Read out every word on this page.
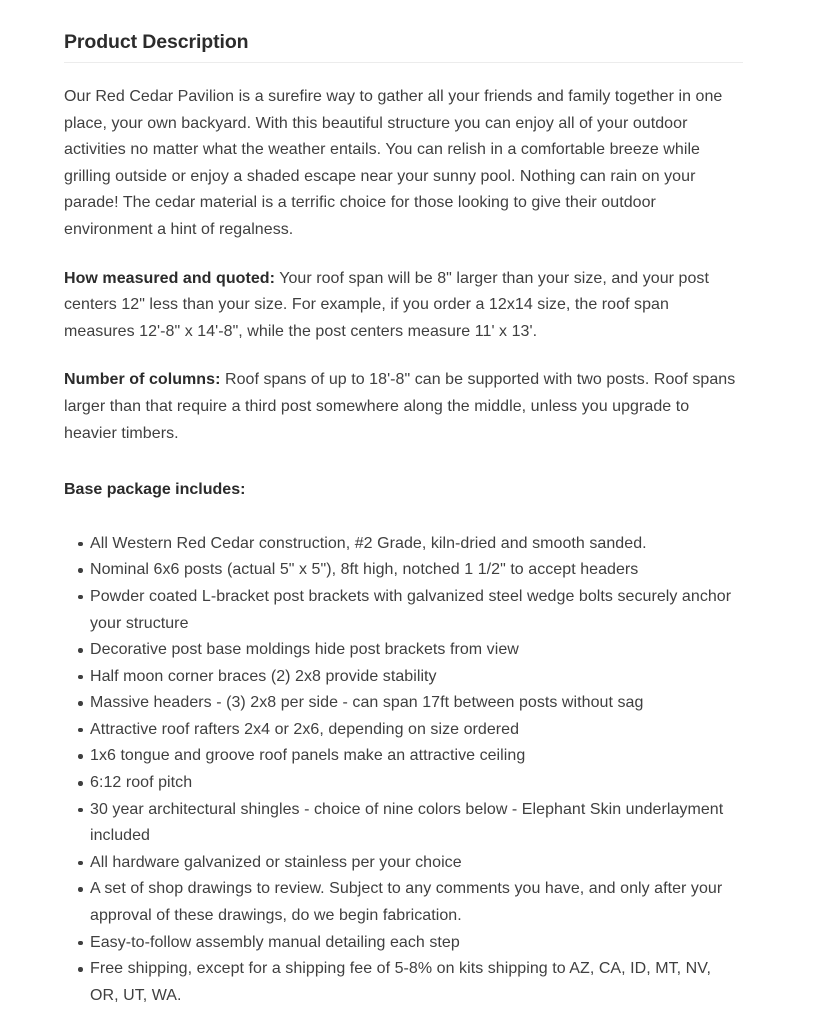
Product Description

Our Red Cedar Pavilion is a surefire way to gather all your friends and family together in one place, your own backyard. With this beautiful structure you can enjoy all of your outdoor activities no matter what the weather entails. You can relish in a comfortable breeze while grilling outside or enjoy a shaded escape near your sunny pool. Nothing can rain on your parade! The cedar material is a terrific choice for those looking to give their outdoor environment a hint of regalness.

How measured and quoted: Your roof span will be 8" larger than your size, and your post centers 12" less than your size. For example, if you order a 12x14 size, the roof span measures 12'-8" x 14'-8", while the post centers measure 11' x 13'.

Number of columns: Roof spans of up to 18'-8" can be supported with two posts. Roof spans larger than that require a third post somewhere along the middle, unless you upgrade to heavier timbers.

Base package includes:

All Western Red Cedar construction, #2 Grade, kiln-dried and smooth sanded.
Nominal 6x6 posts (actual 5" x 5"), 8ft high, notched 1 1/2" to accept headers
Powder coated L-bracket post brackets with galvanized steel wedge bolts securely anchor your structure
Decorative post base moldings hide post brackets from view
Half moon corner braces (2) 2x8 provide stability
Massive headers - (3) 2x8 per side - can span 17ft between posts without sag
Attractive roof rafters 2x4 or 2x6, depending on size ordered
1x6 tongue and groove roof panels make an attractive ceiling
6:12 roof pitch
30 year architectural shingles - choice of nine colors below - Elephant Skin underlayment included
All hardware galvanized or stainless per your choice
A set of shop drawings to review. Subject to any comments you have, and only after your approval of these drawings, do we begin fabrication.
Easy-to-follow assembly manual detailing each step
Free shipping, except for a shipping fee of 5-8% on kits shipping to AZ, CA, ID, MT, NV, OR, UT, WA.
